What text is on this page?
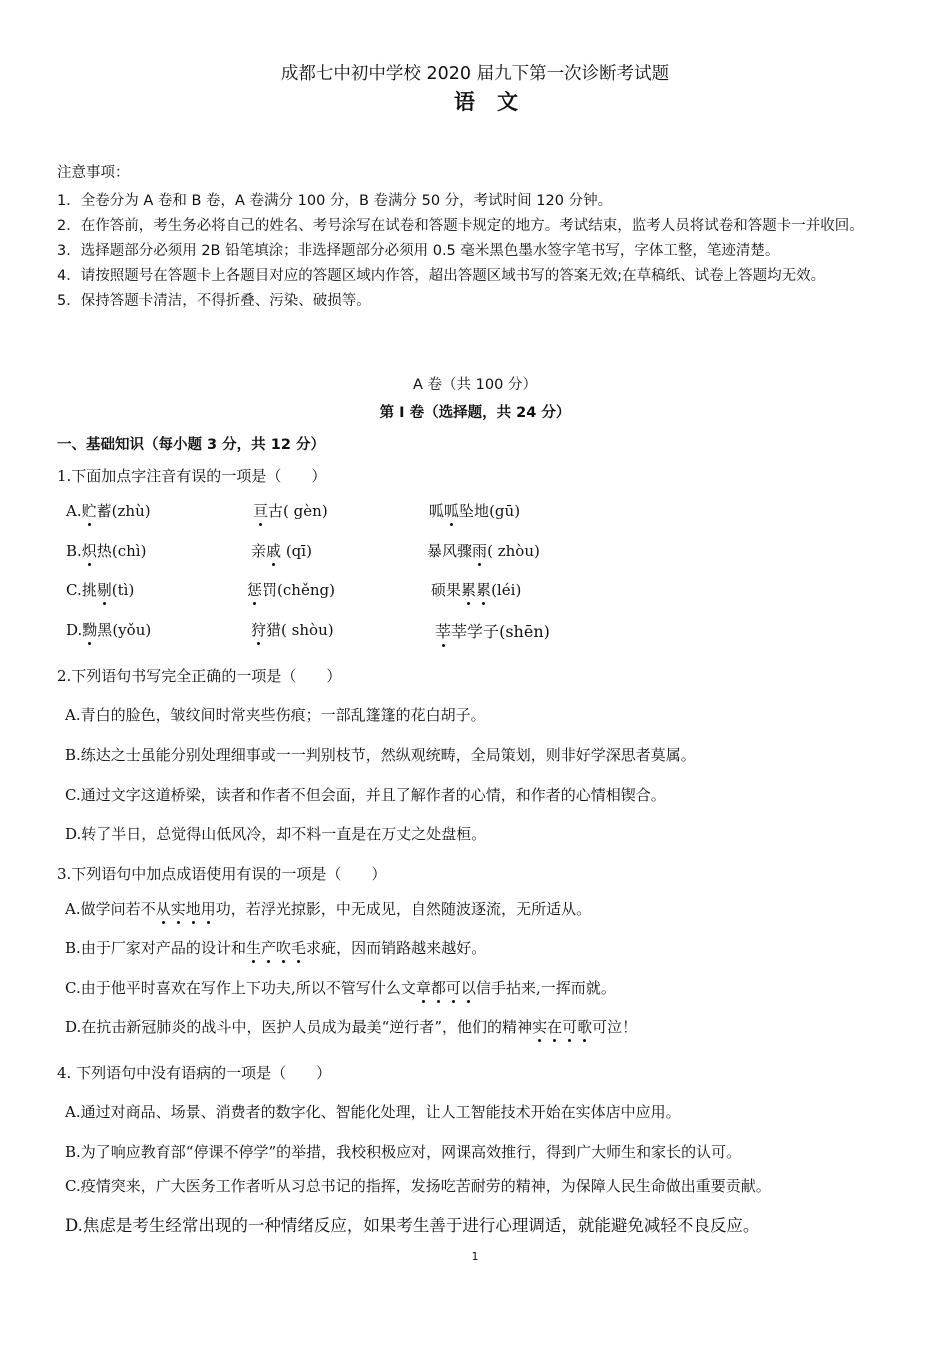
成都七中初中学校 2020 届九下第一次诊断考试题
语文
注意事项：
1．全卷分为 A 卷和 B 卷，A 卷满分 100 分，B 卷满分 50 分，考试时间 120 分钟。
2．在作答前，考生务必将自己的姓名、考号涂写在试卷和答题卡规定的地方。考试结束，监考人员将试卷和答题卡一并收回。
3．选择题部分必须用 2B 铅笔填涂；非选择题部分必须用 0.5 毫米黑色墨水签字笔书写，字体工整，笔迹清楚。
4．请按照题号在答题卡上各题目对应的答题区域内作答，超出答题区域书写的答案无效;在草稿纸、试卷上答题均无效。
5．保持答题卡清洁，不得折叠、污染、破损等。
A 卷（共 100 分）
第 I 卷（选择题，共 24 分）
一、基础知识（每小题 3 分，共 12 分）
1.下面加点字注音有误的一项是（　　）
A.贮蓄(zhù)	亘古( gèn)	呱呱坠地(gū)
B.炽热(chì)	亲戚 (qī)	暴风骤雨( zhòu)
C.挑剔(tì)	惩罚(chěng)	硕果累累(léi)
D.黝黑(yǒu)	狩猎( shòu)	莘莘学子(shēn)
2.下列语句书写完全正确的一项是（　　）
A.青白的脸色，皱纹间时常夹些伤痕；一部乱篷篷的花白胡子。
B.练达之士虽能分别处理细事或一一判别枝节，然纵观统畴，全局策划，则非好学深思者莫属。
C.通过文字这道桥梁，读者和作者不但会面，并且了解作者的心情，和作者的心情相锲合。
D.转了半日，总觉得山低风冷，却不料一直是在万丈之处盘桓。
3.下列语句中加点成语使用有误的一项是（　　）
A.做学问若不从实地用功，若浮光掠影，中无成见，自然随波逐流，无所适从。
B.由于厂家对产品的设计和生产吹毛求疵，因而销路越来越好。
C.由于他平时喜欢在写作上下功夫,所以不管写什么文章都可以信手拈来,一挥而就。
D.在抗击新冠肺炎的战斗中，医护人员成为最美“逆行者”，他们的精神实在可歌可泣！
4. 下列语句中没有语病的一项是（　　）
A.通过对商品、场景、消费者的数字化、智能化处理，让人工智能技术开始在实体店中应用。
B.为了响应教育部“停课不停学”的举措，我校积极应对，网课高效推行，得到广大师生和家长的认可。
C.疫情突来，广大医务工作者听从习总书记的指挥，发扬吃苦耐劳的精神，为保障人民生命做出重要贡献。
D.焦虑是考生经常出现的一种情绪反应，如果考生善于进行心理调适，就能避免减轻不良反应。
1
